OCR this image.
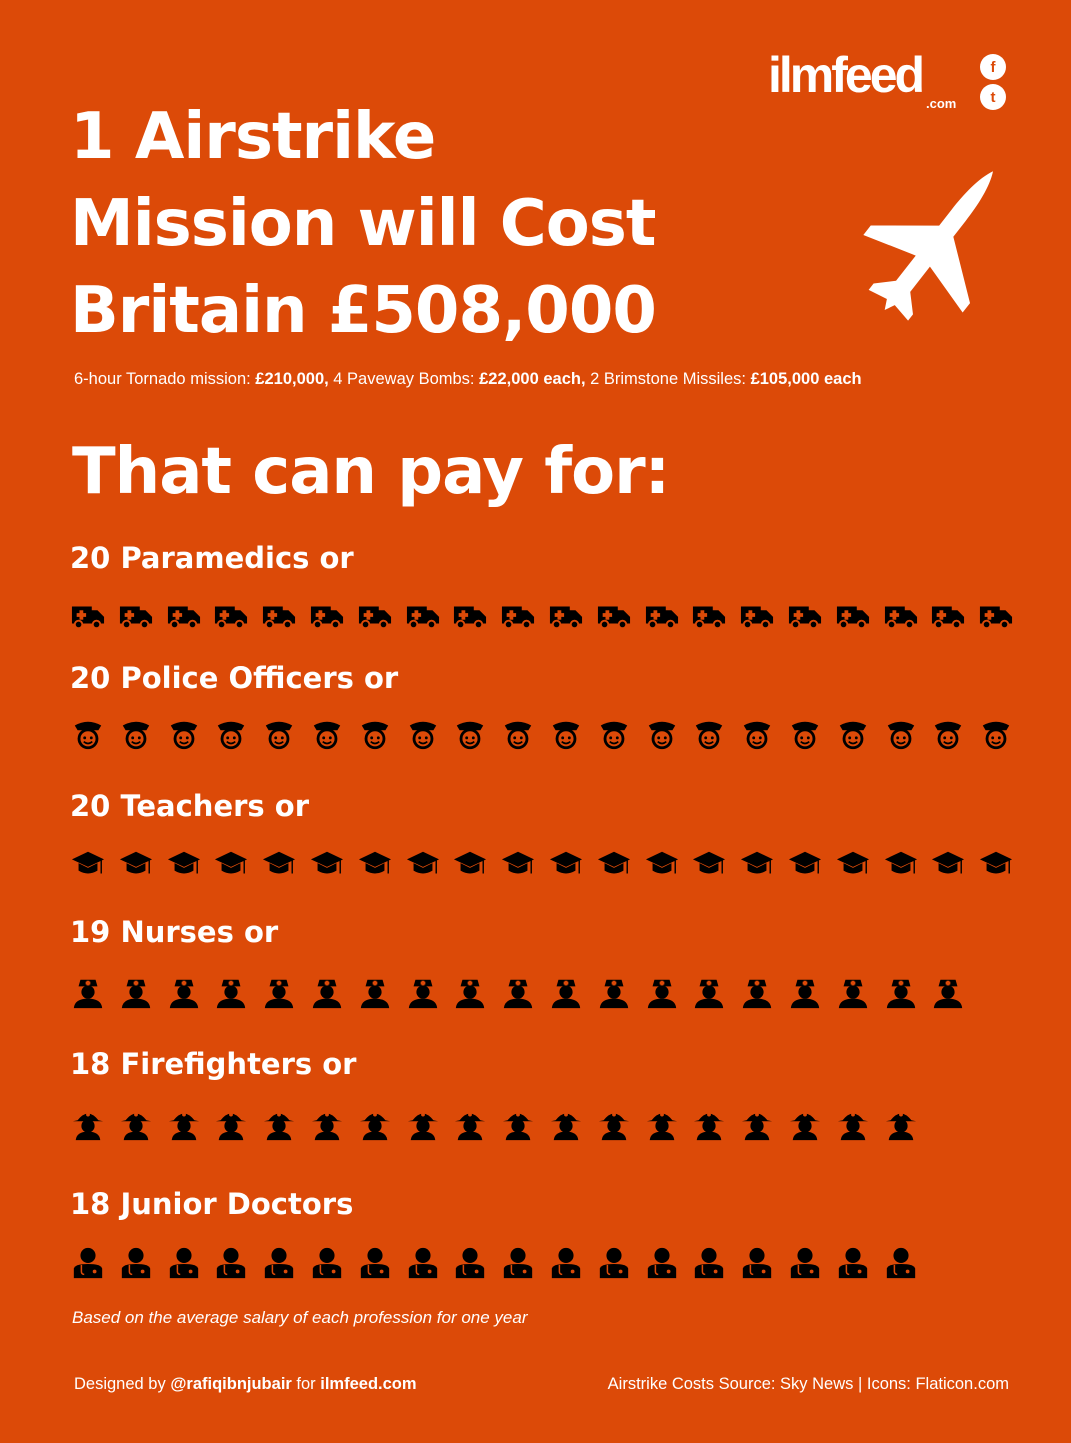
ilmfeed
.com
f
t
1 Airstrike
Mission will Cost
Britain £508,000
6-hour Tornado mission: £210,000, 4 Paveway Bombs: £22,000 each, 2 Brimstone Missiles: £105,000 each
That can pay for:
20 Paramedics or
20 Police Officers or
20 Teachers or
19 Nurses or
18 Firefighters or
18 Junior Doctors
Based on the average salary of each profession for one year
Designed by @rafiqibnjubair for ilmfeed.com	Airstrike Costs Source: Sky News | Icons: Flaticon.com
